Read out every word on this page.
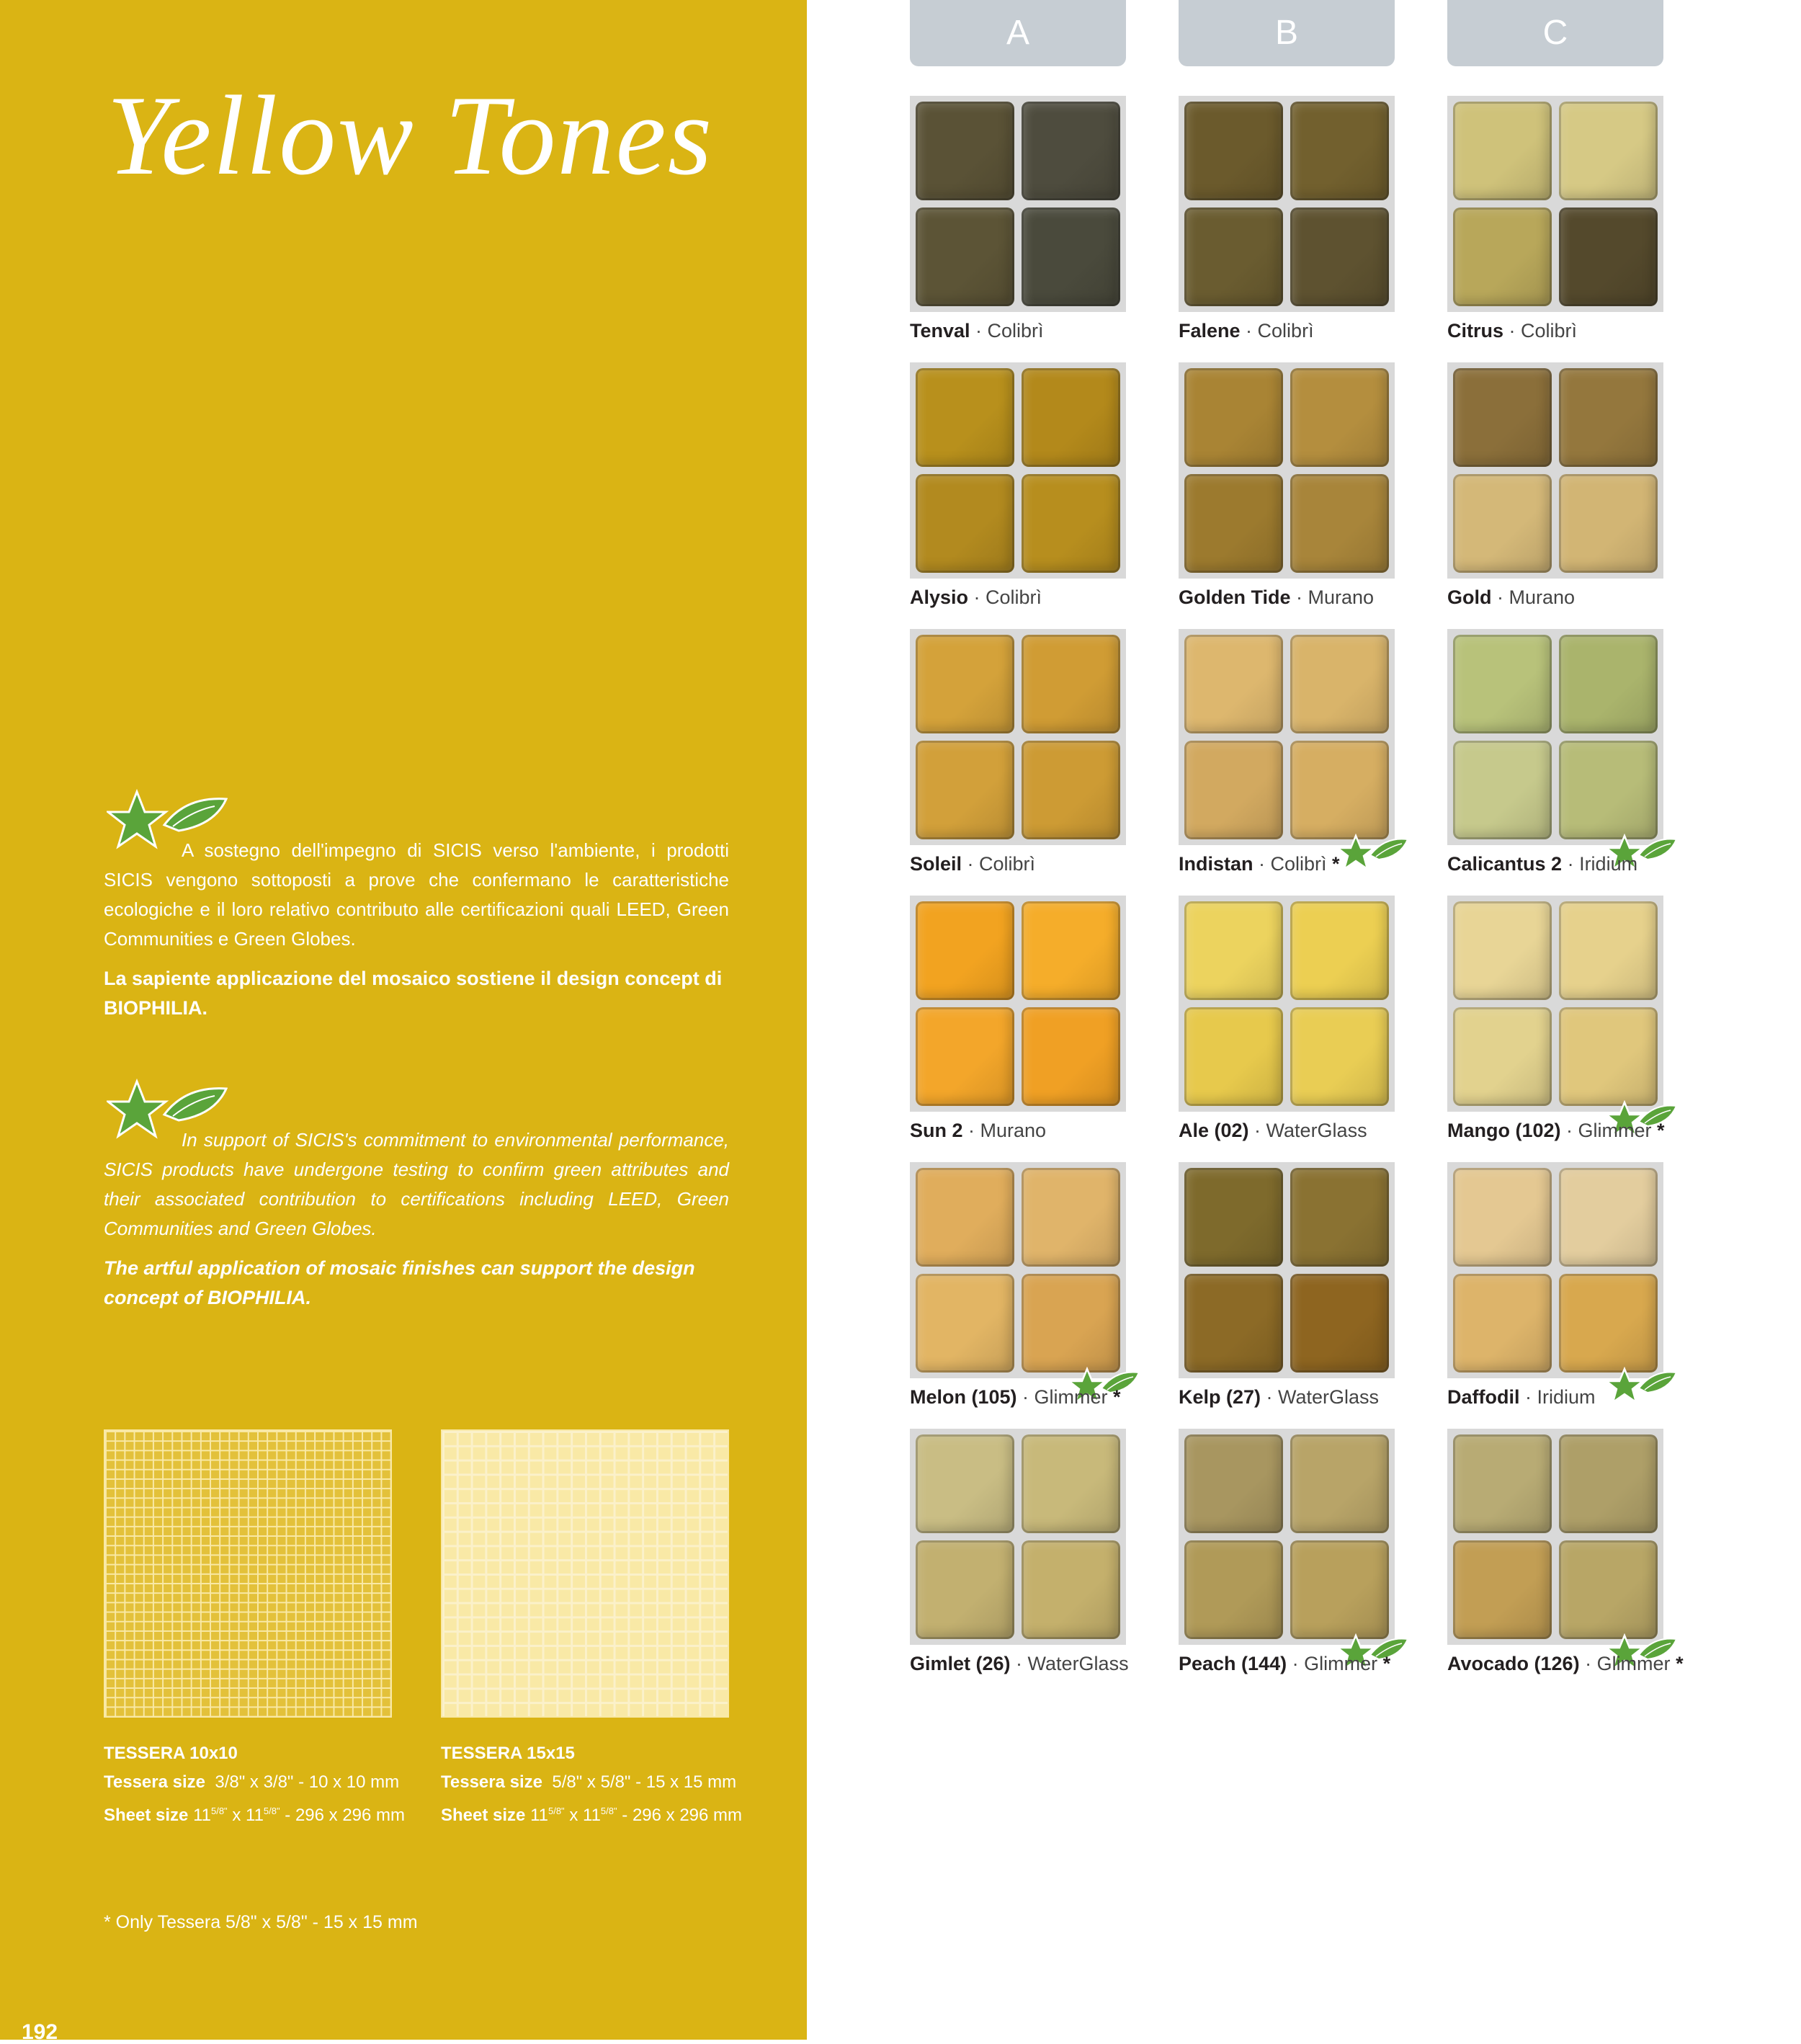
Yellow Tones

A sostegno dell'impegno di SICIS verso l'ambiente, i prodotti SICIS vengono sottoposti a prove che confermano le caratteristiche ecologiche e il loro relativo contributo alle certificazioni quali LEED, Green Communities e Green Globes.

La sapiente applicazione del mosaico sostiene il design concept di BIOPHILIA.

In support of SICIS's commitment to environmental performance, SICIS products have undergone testing to confirm green attributes and their associated contribution to certifications including LEED, Green Communities and Green Globes.

The artful application of mosaic finishes can support the design concept of BIOPHILIA.

TESSERA 10x10
Tessera size 3/8" x 3/8" - 10 x 10 mm
Sheet size $11^{5/8"}$ x $11^{5/8"} - 296$ x 296 mm
TESSERA 15x15
Tessera size 5/8" x 5/8" - 15 x 15 mm
Sheet size $11^{5/8"}$ x $11^{5/8"} - 296$ x 296 mm
* Only Tessera 5/8" x 5/8" - 15 x 15 mm
192
A	B	C
Tenval · Colibrì	Falene · Colibrì	Citrus · Colibrì
Alysio · Colibrì	Golden Tide · Murano	Gold · Murano
Soleil · Colibrì	Indistan · Colibrì *	Calicantus 2 · Iridium
Sun 2 · Murano	Ale (02) · WaterGlass	Mango (102) · Glimmer *
Melon (105) · Glimmer *	Kelp (27) · WaterGlass	Daffodil · Iridium
Gimlet (26) · WaterGlass	Peach (144) · Glimmer *	Avocado (126) · Glimmer *
